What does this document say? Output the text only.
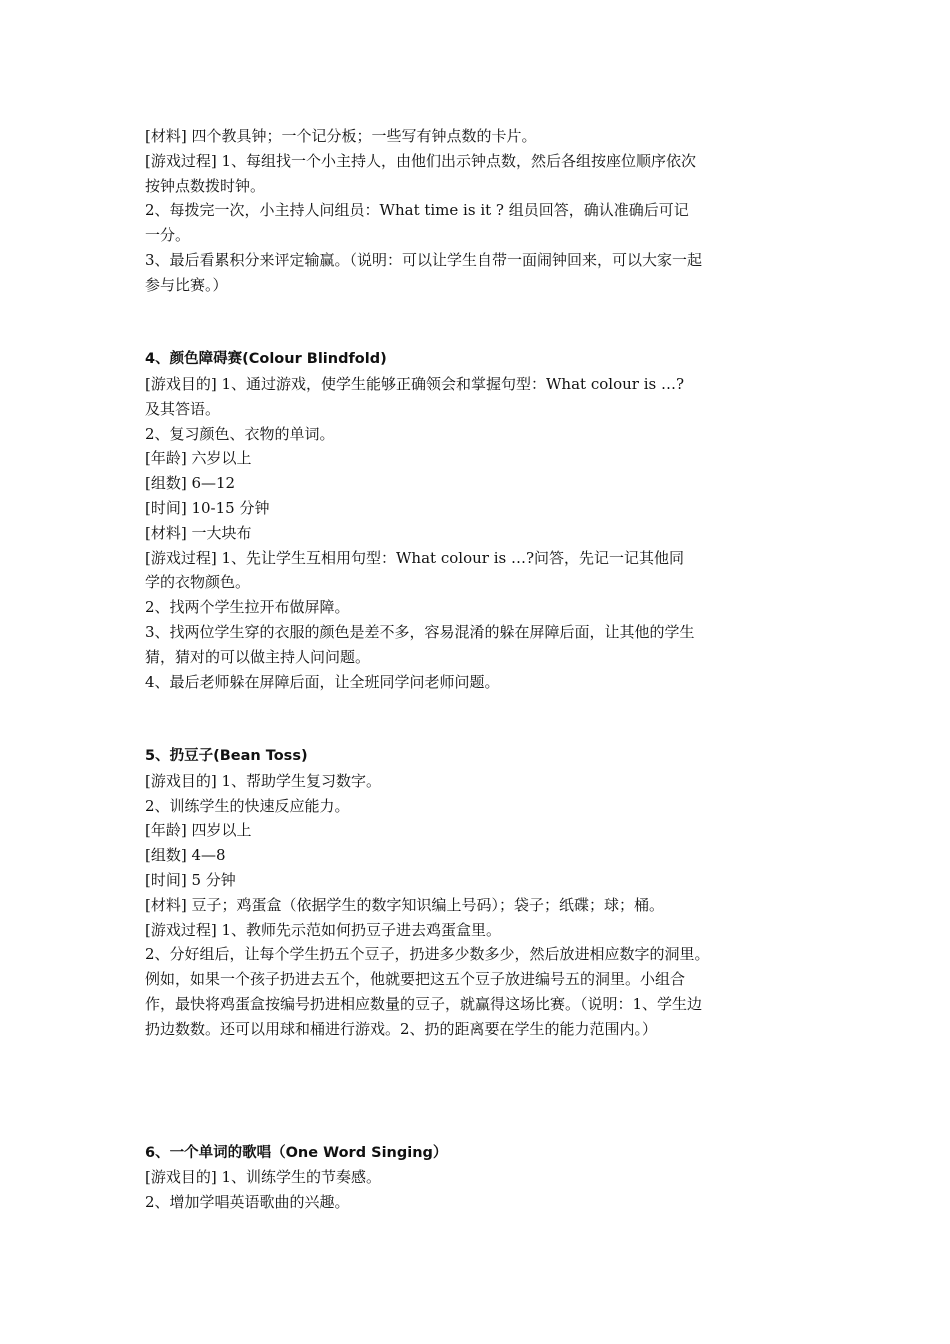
[材料] 四个教具钟；一个记分板；一些写有钟点数的卡片。
[游戏过程] 1、每组找一个小主持人，由他们出示钟点数，然后各组按座位顺序依次
按钟点数拨时钟。
2、每拨完一次，小主持人问组员：What time is it ? 组员回答，确认准确后可记
一分。
3、最后看累积分来评定输赢。（说明：可以让学生自带一面闹钟回来，可以大家一起
参与比赛。）
4、颜色障碍赛(Colour Blindfold)
[游戏目的] 1、通过游戏，使学生能够正确领会和掌握句型：What colour is …?
及其答语。
2、复习颜色、衣物的单词。
[年龄] 六岁以上
[组数] 6—12
[时间] 10-15 分钟
[材料] 一大块布
[游戏过程] 1、先让学生互相用句型：What colour is …?问答，先记一记其他同
学的衣物颜色。
2、找两个学生拉开布做屏障。
3、找两位学生穿的衣服的颜色是差不多，容易混淆的躲在屏障后面，让其他的学生
猜，猜对的可以做主持人问问题。
4、最后老师躲在屏障后面，让全班同学问老师问题。
5、扔豆子(Bean Toss)
[游戏目的] 1、帮助学生复习数字。
2、训练学生的快速反应能力。
[年龄] 四岁以上
[组数] 4—8
[时间] 5 分钟
[材料] 豆子；鸡蛋盒（依据学生的数字知识编上号码）；袋子；纸碟；球；桶。
[游戏过程] 1、教师先示范如何扔豆子进去鸡蛋盒里。
2、分好组后，让每个学生扔五个豆子，扔进多少数多少，然后放进相应数字的洞里。
例如，如果一个孩子扔进去五个，他就要把这五个豆子放进编号五的洞里。小组合
作，最快将鸡蛋盒按编号扔进相应数量的豆子，就赢得这场比赛。（说明：1、学生边
扔边数数。还可以用球和桶进行游戏。2、扔的距离要在学生的能力范围内。）
6、一个单词的歌唱（One Word Singing）
[游戏目的] 1、训练学生的节奏感。
2、增加学唱英语歌曲的兴趣。
